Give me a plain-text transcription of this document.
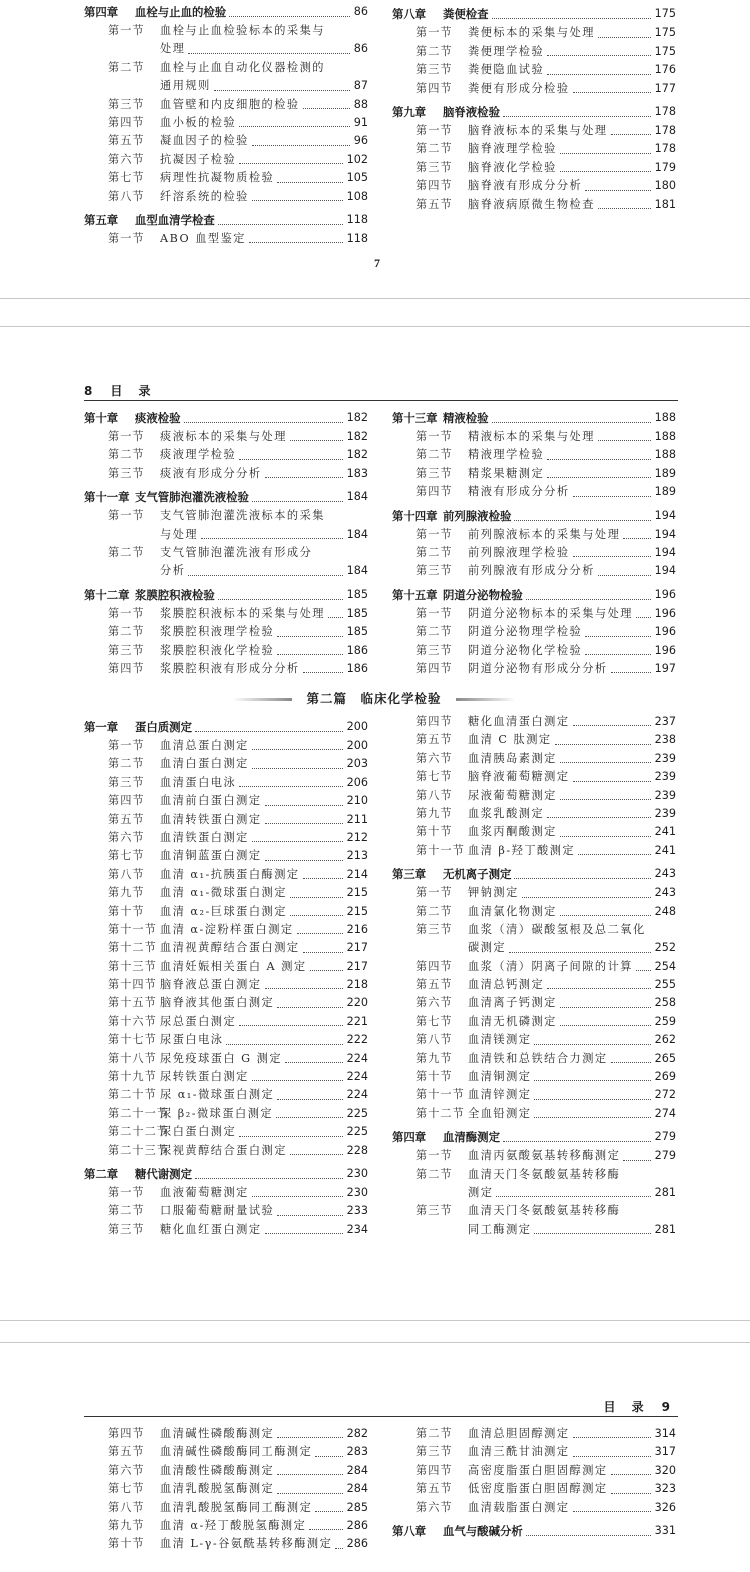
第四章 血栓与止血的检验	86
第一节 血栓与止血检验标本的采集与
处理	86
第二节 血栓与止血自动化仪器检测的
通用规则	87
第三节 血管壁和内皮细胞的检验	88
第四节 血小板的检验	91
第五节 凝血因子的检验	96
第六节 抗凝因子检验	102
第七节 病理性抗凝物质检验	105
第八节 纤溶系统的检验	108
第五章 血型血清学检查	118
第一节 ABO 血型鉴定	118
第八章 粪便检查	175
第一节 粪便标本的采集与处理	175
第二节 粪便理学检验	175
第三节 粪便隐血试验	176
第四节 粪便有形成分检验	177
第九章 脑脊液检验	178
第一节 脑脊液标本的采集与处理	178
第二节 脑脊液理学检验	178
第三节 脑脊液化学检验	179
第四节 脑脊液有形成分分析	180
第五节 脑脊液病原微生物检查	181
7
8 目 录
第十章 痰液检验	182
第一节 痰液标本的采集与处理	182
第二节 痰液理学检验	182
第三节 痰液有形成分分析	183
第十一章 支气管肺泡灌洗液检验	184
第一节 支气管肺泡灌洗液标本的采集
与处理	184
第二节 支气管肺泡灌洗液有形成分
分析	184
第十二章 浆膜腔积液检验	185
第一节 浆膜腔积液标本的采集与处理 185
第二节 浆膜腔积液理学检验	185
第三节 浆膜腔积液化学检验	186
第四节 浆膜腔积液有形成分分析	186
第十三章 精液检验	188
第一节 精液标本的采集与处理	188
第二节 精液理学检验	188
第三节 精浆果糖测定	189
第四节 精液有形成分分析	189
第十四章 前列腺液检验	194
第一节 前列腺液标本的采集与处理	194
第二节 前列腺液理学检验	194
第三节 前列腺液有形成分分析	194
第十五章 阴道分泌物检验	196
第一节 阴道分泌物标本的采集与处理 196
第二节 阴道分泌物理学检验	196
第三节 阴道分泌物化学检验	196
第四节 阴道分泌物有形成分分析	197
第二篇　临床化学检验
第一章 蛋白质测定	200
第一节 血清总蛋白测定	200
第二节 血清白蛋白测定	203
第三节 血清蛋白电泳	206
第四节 血清前白蛋白测定	210
第五节 血清转铁蛋白测定	211
第六节 血清铁蛋白测定	212
第七节 血清铜蓝蛋白测定	213
第八节 血清 α₁-抗胰蛋白酶测定	214
第九节 血清 α₁-微球蛋白测定	215
第十节 血清 α₂-巨球蛋白测定	215
第十一节 血清 α-淀粉样蛋白测定	216
第十二节 血清视黄醇结合蛋白测定	217
第十三节 血清妊娠相关蛋白 A 测定	217
第十四节 脑脊液总蛋白测定	218
第十五节 脑脊液其他蛋白测定	220
第十六节 尿总蛋白测定	221
第十七节 尿蛋白电泳	222
第十八节 尿免疫球蛋白 G 测定	224
第十九节 尿转铁蛋白测定	224
第二十节 尿 α₁-微球蛋白测定	224
第二十一节
尿 β₂-微球蛋白测定	225
第二十二节
尿白蛋白测定	225
第二十三节
尿视黄醇结合蛋白测定	228
第二章 糖代谢测定	230
第一节 血液葡萄糖测定	230
第二节 口服葡萄糖耐量试验	233
第三节 糖化血红蛋白测定	234
第四节 糖化血清蛋白测定	237
第五节 血清 C 肽测定	238
第六节 血清胰岛素测定	239
第七节 脑脊液葡萄糖测定	239
第八节 尿液葡萄糖测定	239
第九节 血浆乳酸测定	239
第十节 血浆丙酮酸测定	241
第十一节 血清 β-羟丁酸测定	241
第三章 无机离子测定	243
第一节 钾钠测定	243
第二节 血清氯化物测定	248
第三节 血浆（清）碳酸氢根及总二氧化
碳测定	252
第四节 血浆（清）阴离子间隙的计算 254
第五节 血清总钙测定	255
第六节 血清离子钙测定	258
第七节 血清无机磷测定	259
第八节 血清镁测定	262
第九节 血清铁和总铁结合力测定	265
第十节 血清铜测定	269
第十一节 血清锌测定	272
第十二节 全血铅测定	274
第四章 血清酶测定	279
第一节 血清丙氨酸氨基转移酶测定	279
第二节 血清天门冬氨酸氨基转移酶
测定	281
第三节 血清天门冬氨酸氨基转移酶
同工酶测定	281
目 录 9
第四节 血清碱性磷酸酶测定	282
第五节 血清碱性磷酸酶同工酶测定	283
第六节 血清酸性磷酸酶测定	284
第七节 血清乳酸脱氢酶测定	284
第八节 血清乳酸脱氢酶同工酶测定	285
第九节 血清 α-羟丁酸脱氢酶测定	286
第十节 血清 L-γ-谷氨酰基转移酶测定 286
第二节 血清总胆固醇测定	314
第三节 血清三酰甘油测定	317
第四节 高密度脂蛋白胆固醇测定	320
第五节 低密度脂蛋白胆固醇测定	323
第六节 血清载脂蛋白测定	326
第八章 血气与酸碱分析	331
